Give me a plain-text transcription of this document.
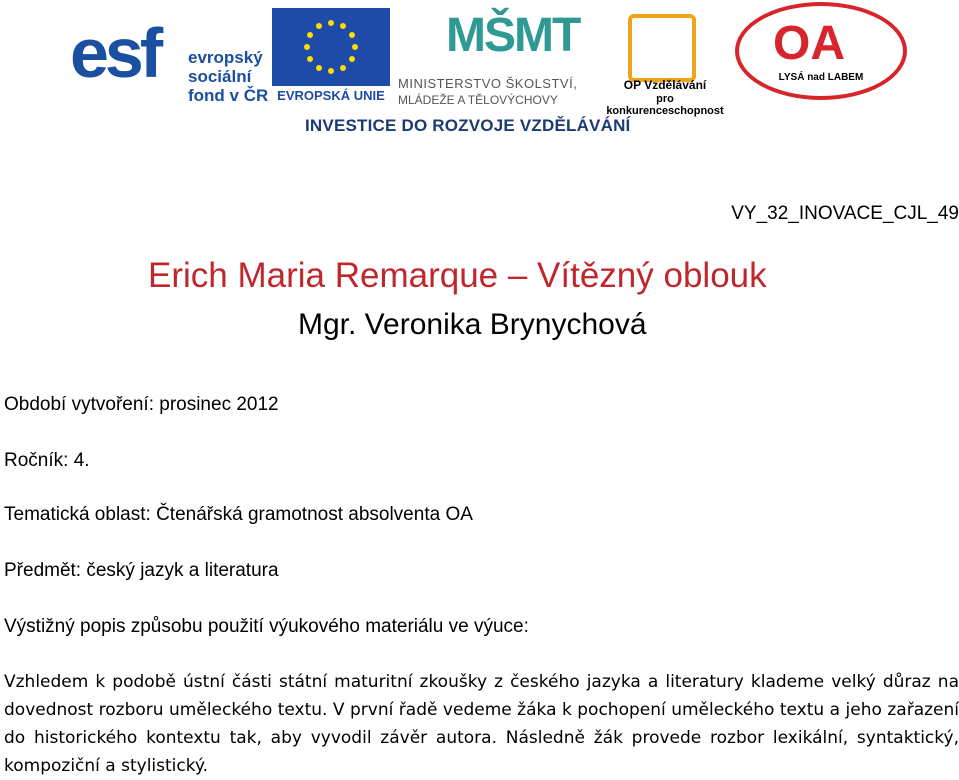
esf evropský
sociální
fond v ČR EVROPSKÁ UNIE
MŠMT
MINISTERSTVO ŠKOLSTVÍ,
MLÁDEŽE A TĚLOVÝCHOVY
OP Vzdělávání
pro konkurenceschopnost
OA
LYSÁ nad LABEM
INVESTICE DO ROZVOJE VZDĚLÁVÁNÍ
VY_32_INOVACE_CJL_49
Erich Maria Remarque – Vítězný oblouk
Mgr. Veronika Brynychová
Období vytvoření: prosinec 2012
Ročník: 4.
Tematická oblast: Čtenářská gramotnost absolventa OA
Předmět: český jazyk a literatura
Výstižný popis způsobu použití výukového materiálu ve výuce:
Vzhledem k podobě ústní části státní maturitní zkoušky z českého jazyka a literatury klademe velký důraz na dovednost rozboru uměleckého textu. V první řadě vedeme žáka k pochopení uměleckého textu a jeho zařazení do historického kontextu tak, aby vyvodil závěr autora. Následně žák provede rozbor lexikální, syntaktický, kompoziční a stylistický.
